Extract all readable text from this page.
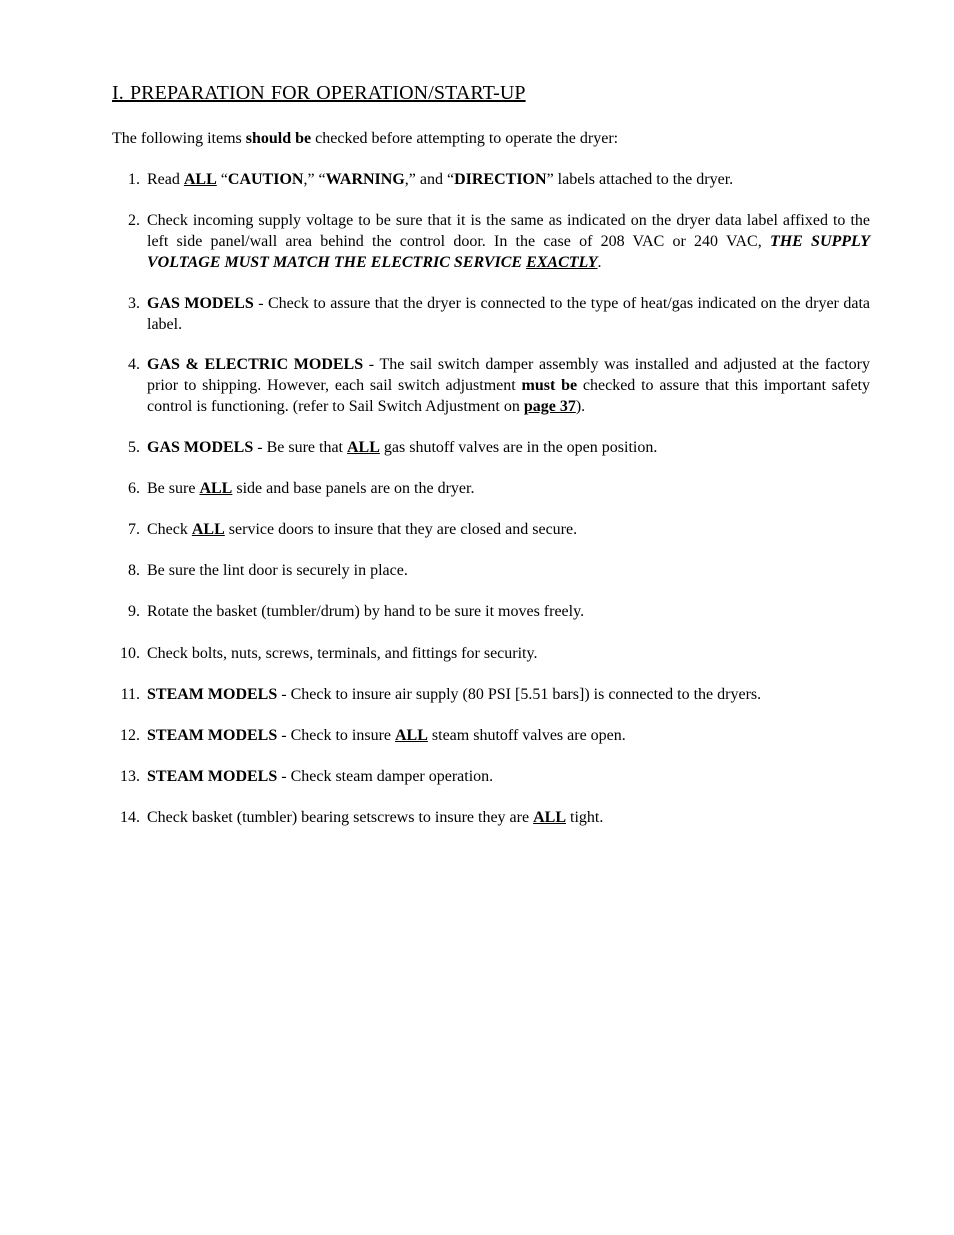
I. PREPARATION FOR OPERATION/START-UP
The following items should be checked before attempting to operate the dryer:
1. Read ALL “CAUTION,” “WARNING,” and “DIRECTION” labels attached to the dryer.
2. Check incoming supply voltage to be sure that it is the same as indicated on the dryer data label affixed to the left side panel/wall area behind the control door. In the case of 208 VAC or 240 VAC, THE SUPPLY VOLTAGE MUST MATCH THE ELECTRIC SERVICE EXACTLY.
3. GAS MODELS - Check to assure that the dryer is connected to the type of heat/gas indicated on the dryer data label.
4. GAS & ELECTRIC MODELS - The sail switch damper assembly was installed and adjusted at the factory prior to shipping. However, each sail switch adjustment must be checked to assure that this important safety control is functioning. (refer to Sail Switch Adjustment on page 37).
5. GAS MODELS - Be sure that ALL gas shutoff valves are in the open position.
6. Be sure ALL side and base panels are on the dryer.
7. Check ALL service doors to insure that they are closed and secure.
8. Be sure the lint door is securely in place.
9. Rotate the basket (tumbler/drum) by hand to be sure it moves freely.
10. Check bolts, nuts, screws, terminals, and fittings for security.
11. STEAM MODELS - Check to insure air supply (80 PSI [5.51 bars]) is connected to the dryers.
12. STEAM MODELS - Check to insure ALL steam shutoff valves are open.
13. STEAM MODELS - Check steam damper operation.
14. Check basket (tumbler) bearing setscrews to insure they are ALL tight.
